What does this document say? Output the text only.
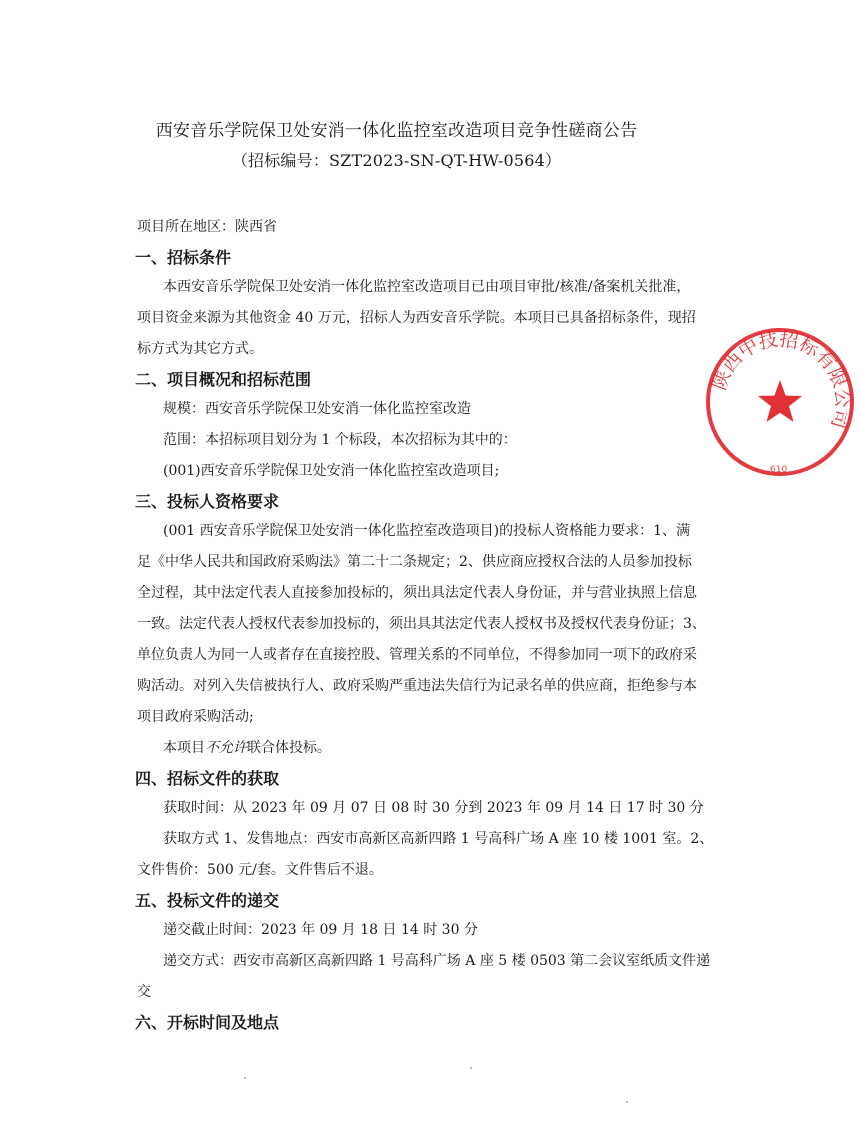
西安音乐学院保卫处安消一体化监控室改造项目竞争性磋商公告
（招标编号：SZT2023-SN-QT-HW-0564）
项目所在地区：陕西省
一、招标条件
本西安音乐学院保卫处安消一体化监控室改造项目已由项目审批/核准/备案机关批准，
项目资金来源为其他资金 40 万元，招标人为西安音乐学院。本项目已具备招标条件，现招
标方式为其它方式。
二、项目概况和招标范围
规模：西安音乐学院保卫处安消一体化监控室改造
范围：本招标项目划分为 1 个标段，本次招标为其中的：
(001)西安音乐学院保卫处安消一体化监控室改造项目;
三、投标人资格要求
(001 西安音乐学院保卫处安消一体化监控室改造项目)的投标人资格能力要求：1、满
足《中华人民共和国政府采购法》第二十二条规定；2、供应商应授权合法的人员参加投标
全过程，其中法定代表人直接参加投标的，须出具法定代表人身份证，并与营业执照上信息
一致。法定代表人授权代表参加投标的，须出具其法定代表人授权书及授权代表身份证；3、
单位负责人为同一人或者存在直接控股、管理关系的不同单位，不得参加同一项下的政府采
购活动。对列入失信被执行人、政府采购严重违法失信行为记录名单的供应商，拒绝参与本
项目政府采购活动;
本项目不允许联合体投标。
四、招标文件的获取
获取时间：从 2023 年 09 月 07 日 08 时 30 分到 2023 年 09 月 14 日 17 时 30 分
获取方式 1、发售地点：西安市高新区高新四路 1 号高科广场 A 座 10 楼 1001 室。2、
文件售价：500 元/套。文件售后不退。
五、投标文件的递交
递交截止时间：2023 年 09 月 18 日 14 时 30 分
递交方式：西安市高新区高新四路 1 号高科广场 A 座 5 楼 0503 第二会议室纸质文件递
交
六、开标时间及地点
陕西中技招标有限公司
610
